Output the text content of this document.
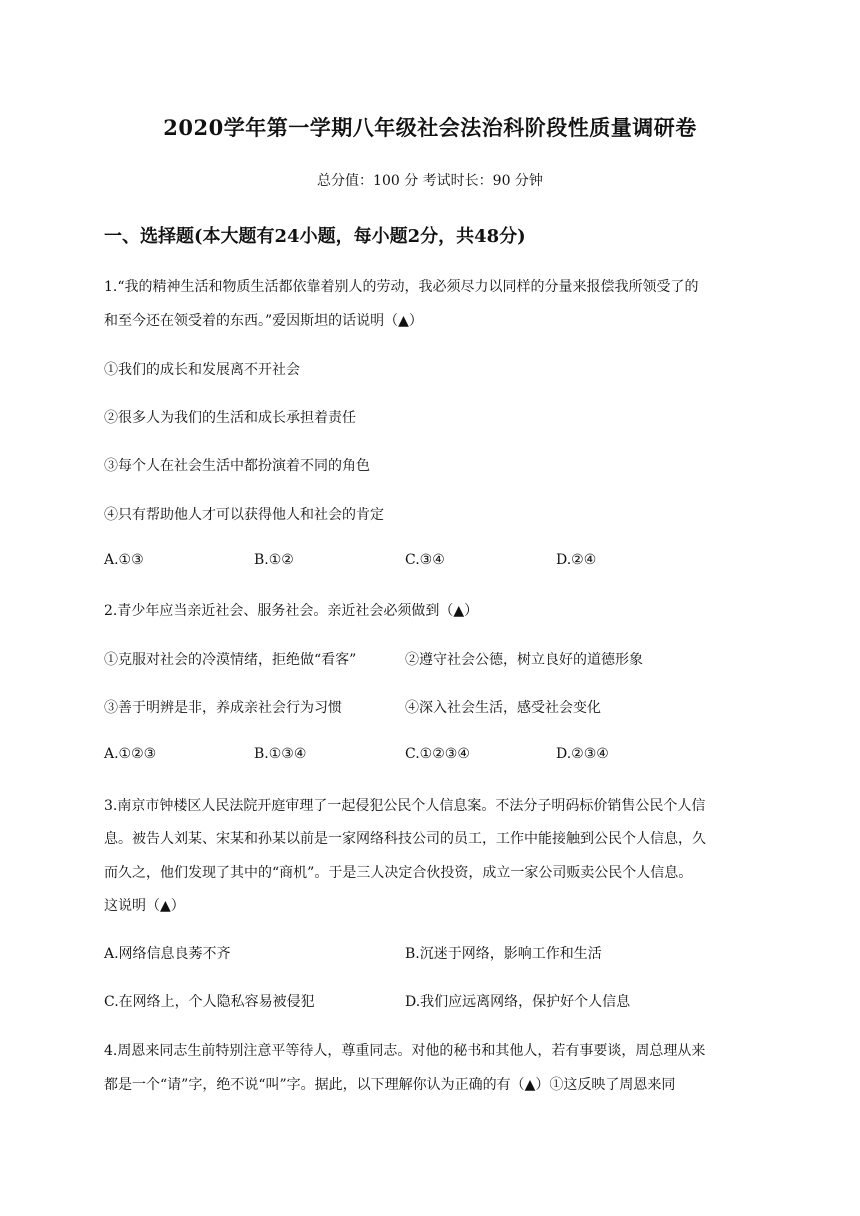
2020学年第一学期八年级社会法治科阶段性质量调研卷
总分值：100 分 考试时长：90 分钟
一、选择题(本大题有24小题，每小题2分，共48分)
1.“我的精神生活和物质生活都依靠着别人的劳动，我必须尽力以同样的分量来报偿我所领受了的
和至今还在领受着的东西。”爱因斯坦的话说明（▲）
①我们的成长和发展离不开社会
②很多人为我们的生活和成长承担着责任
③每个人在社会生活中都扮演着不同的角色
④只有帮助他人才可以获得他人和社会的肯定
A.①③	B.①②	C.③④	D.②④
2.青少年应当亲近社会、服务社会。亲近社会必须做到（▲）
①克服对社会的冷漠情绪，拒绝做“看客”	②遵守社会公德，树立良好的道德形象
③善于明辨是非，养成亲社会行为习惯	④深入社会生活，感受社会变化
A.①②③	B.①③④	C.①②③④	D.②③④
3.南京市钟楼区人民法院开庭审理了一起侵犯公民个人信息案。不法分子明码标价销售公民个人信
息。被告人刘某、宋某和孙某以前是一家网络科技公司的员工，工作中能接触到公民个人信息，久
而久之，他们发现了其中的“商机”。于是三人决定合伙投资，成立一家公司贩卖公民个人信息。
这说明（▲）
A.网络信息良莠不齐	B.沉迷于网络，影响工作和生活
C.在网络上，个人隐私容易被侵犯	D.我们应远离网络，保护好个人信息
4.周恩来同志生前特别注意平等待人，尊重同志。对他的秘书和其他人，若有事要谈，周总理从来
都是一个“请”字，绝不说“叫”字。据此，以下理解你认为正确的有（▲）①这反映了周恩来同
